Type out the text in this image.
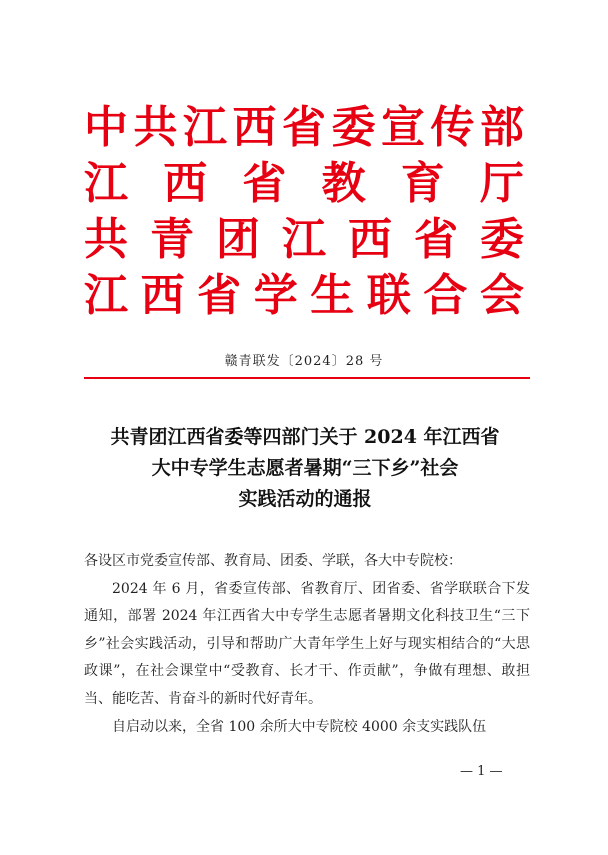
中 共 江 西 省 委 宣 传 部
江 西 省 教 育 厅
共 青 团 江 西 省 委
江 西 省 学 生 联 合 会
赣青联发〔2024〕28 号
共青团江西省委等四部门关于 2024 年江西省
大中专学生志愿者暑期“三下乡”社会
实践活动的通报

各设区市党委宣传部、教育局、团委、学联，各大中专院校：

2024 年 6 月，省委宣传部、省教育厅、团省委、省学联联合下发通知，部署 2024 年江西省大中专学生志愿者暑期文化科技卫生“三下乡”社会实践活动，引导和帮助广大青年学生上好与现实相结合的“大思政课”，在社会课堂中“受教育、长才干、作贡献”，争做有理想、敢担当、能吃苦、肯奋斗的新时代好青年。

自启动以来，全省 100 余所大中专院校 4000 余支实践队伍

— 1 —
